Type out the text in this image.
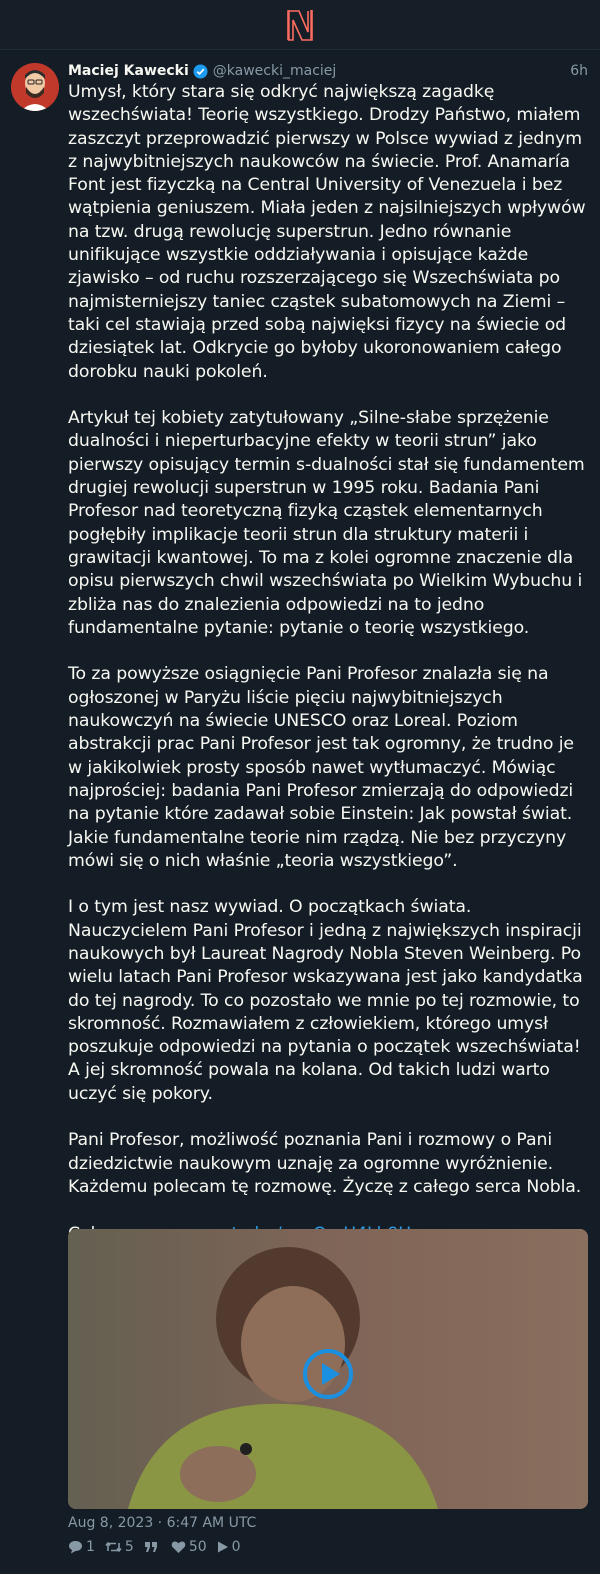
Maciej Kawecki @kawecki_maciej	6h

Umysł, który stara się odkryć największą zagadkę wszechświata! Teorię wszystkiego. Drodzy Państwo, miałem zaszczyt przeprowadzić pierwszy w Polsce wywiad z jednym z najwybitniejszych naukowców na świecie. Prof. Anamaría Font jest fizyczką na Central University of Venezuela i bez wątpienia geniuszem. Miała jeden z najsilniejszych wpływów na tzw. drugą rewolucję superstrun. Jedno równanie unifikujące wszystkie oddziaływania i opisujące każde zjawisko – od ruchu rozszerzającego się Wszechświata po najmisterniejszy taniec cząstek subatomowych na Ziemi – taki cel stawiają przed sobą najwięksi fizycy na świecie od dziesiątek lat. Odkrycie go byłoby ukoronowaniem całego dorobku nauki pokoleń.

Artykuł tej kobiety zatytułowany „Silne-słabe sprzężenie dualności i nieperturbacyjne efekty w teorii strun” jako pierwszy opisujący termin s-dualności stał się fundamentem drugiej rewolucji superstrun w 1995 roku. Badania Pani Profesor nad teoretyczną fizyką cząstek elementarnych pogłębiły implikacje teorii strun dla struktury materii i grawitacji kwantowej. To ma z kolei ogromne znaczenie dla opisu pierwszych chwil wszechświata po Wielkim Wybuchu i zbliża nas do znalezienia odpowiedzi na to jedno fundamentalne pytanie: pytanie o teorię wszystkiego.

To za powyższe osiągnięcie Pani Profesor znalazła się na ogłoszonej w Paryżu liście pięciu najwybitniejszych naukowczyń na świecie UNESCO oraz Loreal. Poziom abstrakcji prac Pani Profesor jest tak ogromny, że trudno je w jakikolwiek prosty sposób nawet wytłumaczyć. Mówiąc najprościej: badania Pani Profesor zmierzają do odpowiedzi na pytanie które zadawał sobie Einstein: Jak powstał świat. Jakie fundamentalne teorie nim rządzą. Nie bez przyczyny mówi się o nich właśnie „teoria wszystkiego”.

I o tym jest nasz wywiad. O początkach świata. Nauczycielem Pani Profesor i jedną z największych inspiracji naukowych był Laureat Nagrody Nobla Steven Weinberg. Po wielu latach Pani Profesor wskazywana jest jako kandydatka do tej nagrody. To co pozostało we mnie po tej rozmowie, to skromność. Rozmawiałem z człowiekiem, którego umysł poszukuje odpowiedzi na pytania o początek wszechświata! A jej skromność powala na kolana. Od takich ludzi warto uczyć się pokory.

Pani Profesor, możliwość poznania Pani i rozmowy o Pani dziedzictwie naukowym uznaję za ogromne wyróżnienie. Każdemu polecam tę rozmowę. Życzę z całego serca Nobla.

Aug 8, 2023 · 6:47 AM UTC
1 5	50 0
